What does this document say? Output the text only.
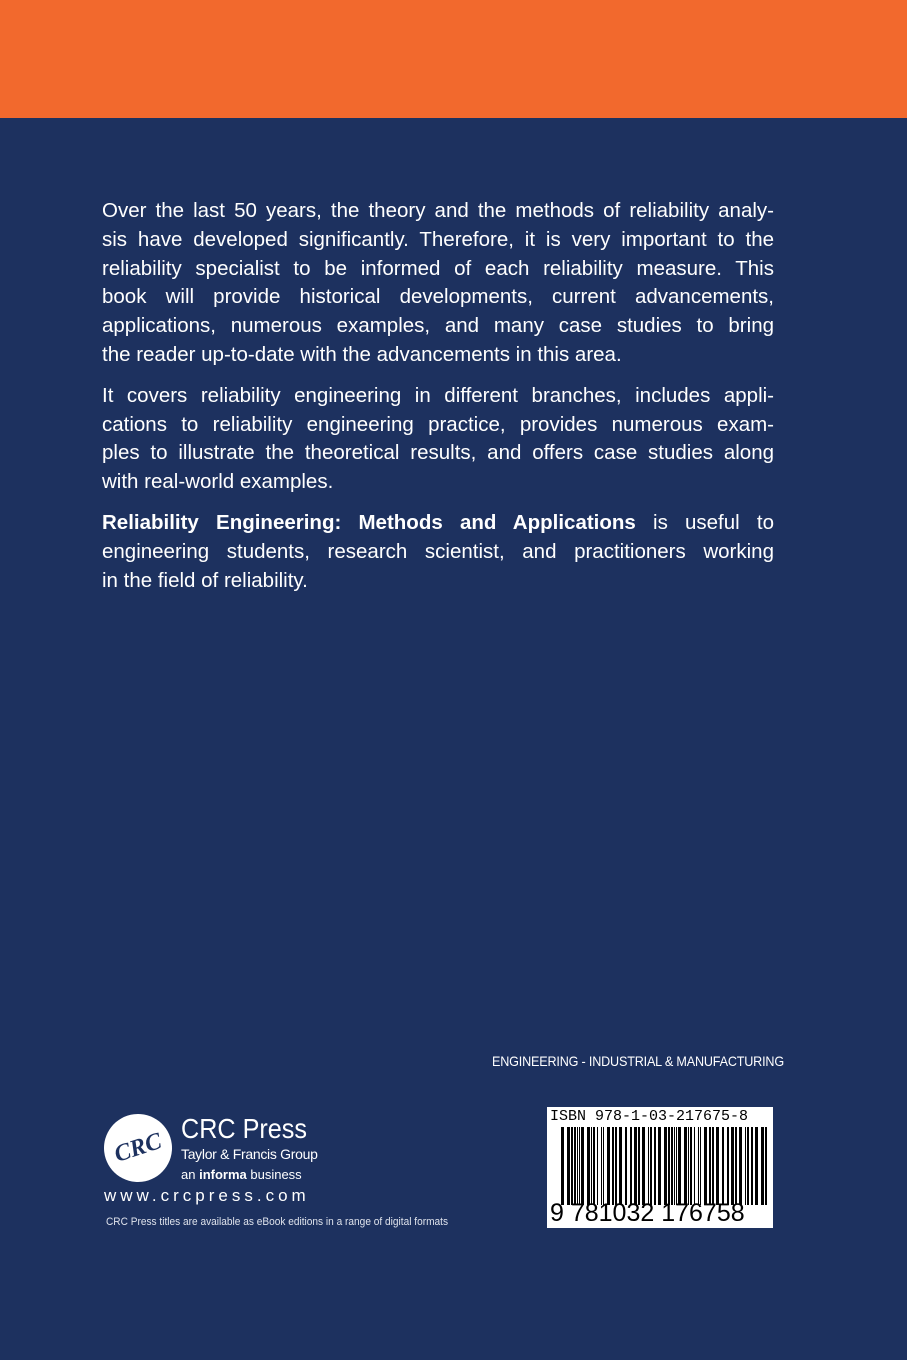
Over the last 50 years, the theory and the methods of reliability analy-
sis have developed significantly. Therefore, it is very important to the
reliability specialist to be informed of each reliability measure. This
book will provide historical developments, current advancements,
applications, numerous examples, and many case studies to bring
the reader up-to-date with the advancements in this area.
It covers reliability engineering in different branches, includes appli-
cations to reliability engineering practice, provides numerous exam-
ples to illustrate the theoretical results, and offers case studies along
with real-world examples.
Reliability Engineering: Methods and Applications is useful to
engineering students, research scientist, and practitioners working
in the field of reliability.
ENGINEERING - INDUSTRIAL & MANUFACTURING
CRC CRC Press
Taylor & Francis Group
an informa business
www.crcpress.com
CRC Press titles are available as eBook editions in a range of digital formats
ISBN 978-1-03-217675-8
9 781032 176758
